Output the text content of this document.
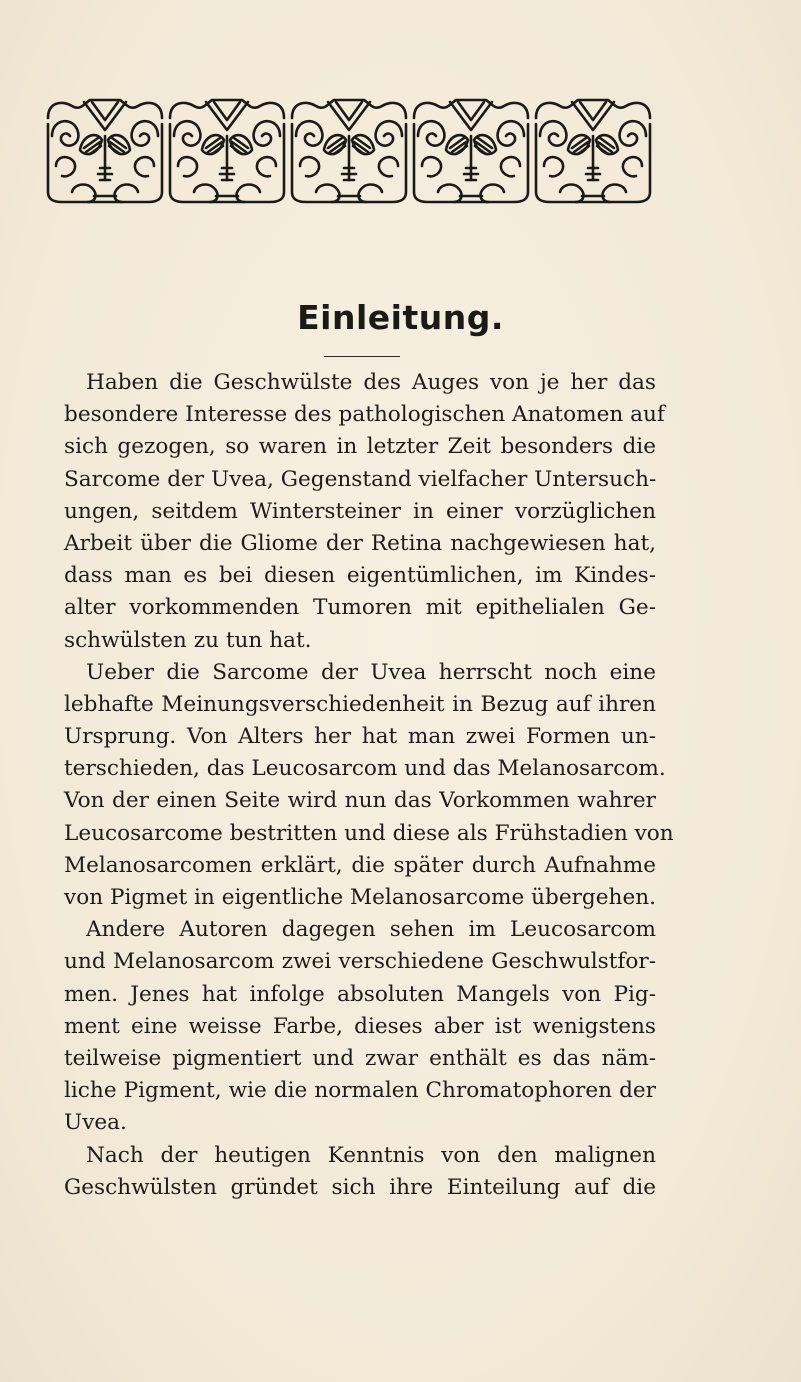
Einleitung.
Haben die Geschwülste des Auges von je her das
besondere Interesse des pathologischen Anatomen auf
sich gezogen, so waren in letzter Zeit besonders die
Sarcome der Uvea, Gegenstand vielfacher Untersuch-
ungen, seitdem Wintersteiner in einer vorzüglichen
Arbeit über die Gliome der Retina nachgewiesen hat,
dass man es bei diesen eigentümlichen, im Kindes-
alter vorkommenden Tumoren mit epithelialen Ge-
schwülsten zu tun hat.
Ueber die Sarcome der Uvea herrscht noch eine
lebhafte Meinungsverschiedenheit in Bezug auf ihren
Ursprung. Von Alters her hat man zwei Formen un-
terschieden, das Leucosarcom und das Melanosarcom.
Von der einen Seite wird nun das Vorkommen wahrer
Leucosarcome bestritten und diese als Frühstadien von
Melanosarcomen erklärt, die später durch Aufnahme
von Pigmet in eigentliche Melanosarcome übergehen.
Andere Autoren dagegen sehen im Leucosarcom
und Melanosarcom zwei verschiedene Geschwulstfor-
men. Jenes hat infolge absoluten Mangels von Pig-
ment eine weisse Farbe, dieses aber ist wenigstens
teilweise pigmentiert und zwar enthält es das näm-
liche Pigment, wie die normalen Chromatophoren der
Uvea.
Nach der heutigen Kenntnis von den malignen
Geschwülsten gründet sich ihre Einteilung auf die
